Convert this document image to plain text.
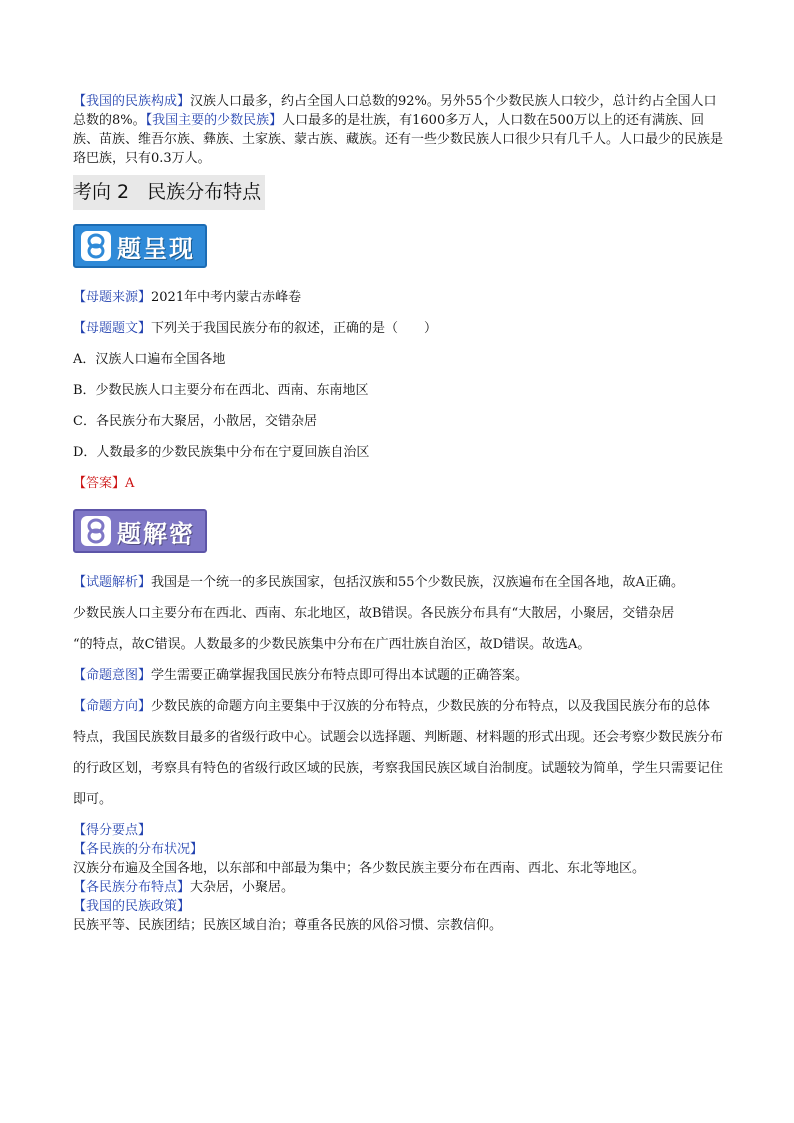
【我国的民族构成】汉族人口最多，约占全国人口总数的92%。另外55个少数民族人口较少，总计约占全国人口总数的8%。【我国主要的少数民族】人口最多的是壮族，有1600多万人，人口数在500万以上的还有满族、回族、苗族、维吾尔族、彝族、土家族、蒙古族、藏族。还有一些少数民族人口很少只有几千人。人口最少的民族是珞巴族，只有0.3万人。
考向 2 民族分布特点
题呈现
【母题来源】2021年中考内蒙古赤峰卷
【母题题文】下列关于我国民族分布的叙述，正确的是（　　）
A．汉族人口遍布全国各地
B．少数民族人口主要分布在西北、西南、东南地区
C．各民族分布大聚居，小散居，交错杂居
D．人数最多的少数民族集中分布在宁夏回族自治区
【答案】A
题解密
【试题解析】我国是一个统一的多民族国家，包括汉族和55个少数民族，汉族遍布在全国各地，故A正确。
少数民族人口主要分布在西北、西南、东北地区，故B错误。各民族分布具有“大散居，小聚居，交错杂居
“的特点，故C错误。人数最多的少数民族集中分布在广西壮族自治区，故D错误。故选A。
【命题意图】学生需要正确掌握我国民族分布特点即可得出本试题的正确答案。
【命题方向】少数民族的命题方向主要集中于汉族的分布特点，少数民族的分布特点，以及我国民族分布的总体特点，我国民族数目最多的省级行政中心。试题会以选择题、判断题、材料题的形式出现。还会考察少数民族分布的行政区划，考察具有特色的省级行政区域的民族，考察我国民族区域自治制度。试题较为简单，学生只需要记住即可。
【得分要点】
【各民族的分布状况】
汉族分布遍及全国各地，以东部和中部最为集中；各少数民族主要分布在西南、西北、东北等地区。
【各民族分布特点】大杂居，小聚居。
【我国的民族政策】
民族平等、民族团结；民族区域自治；尊重各民族的风俗习惯、宗教信仰。
